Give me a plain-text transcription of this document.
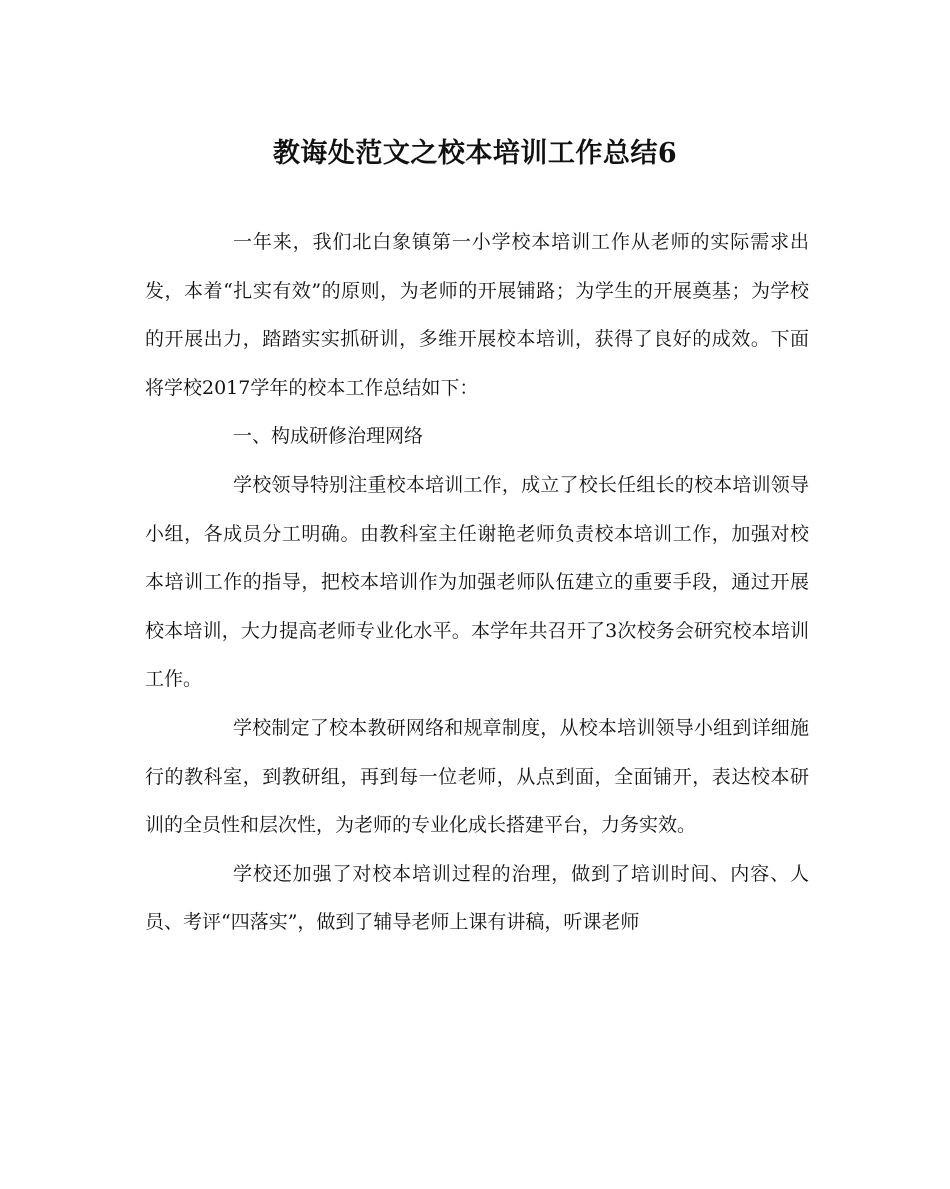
教诲处范文之校本培训工作总结6

一年来，我们北白象镇第一小学校本培训工作从老师的实际需求出发，本着“扎实有效”的原则，为老师的开展铺路；为学生的开展奠基；为学校的开展出力，踏踏实实抓研训，多维开展校本培训，获得了良好的成效。下面将学校2017学年的校本工作总结如下：

一、构成研修治理网络

学校领导特别注重校本培训工作，成立了校长任组长的校本培训领导小组，各成员分工明确。由教科室主任谢艳老师负责校本培训工作，加强对校本培训工作的指导，把校本培训作为加强老师队伍建立的重要手段，通过开展校本培训，大力提高老师专业化水平。本学年共召开了3次校务会研究校本培训工作。

学校制定了校本教研网络和规章制度，从校本培训领导小组到详细施行的教科室，到教研组，再到每一位老师，从点到面，全面铺开，表达校本研训的全员性和层次性，为老师的专业化成长搭建平台，力务实效。

学校还加强了对校本培训过程的治理，做到了培训时间、内容、人员、考评“四落实”，做到了辅导老师上课有讲稿，听课老师
